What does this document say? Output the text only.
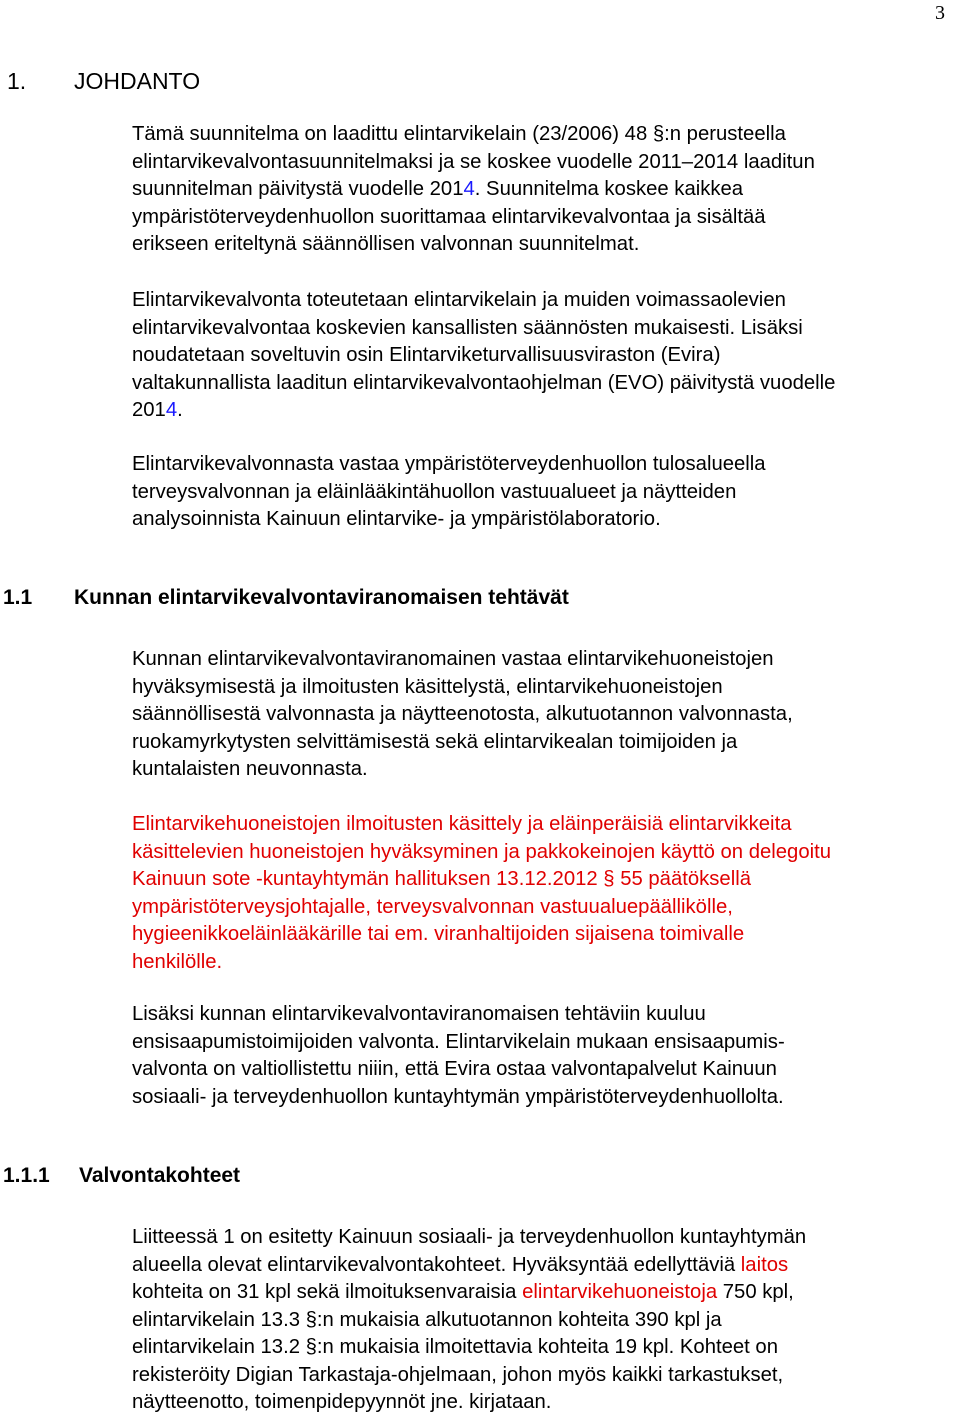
3
1. JOHDANTO
Tämä suunnitelma on laadittu elintarvikelain (23/2006) 48 §:n perusteella
elintarvikevalvontasuunnitelmaksi ja se koskee vuodelle 2011–2014 laaditun
suunnitelman päivitystä vuodelle 2014. Suunnitelma koskee kaikkea
ympäristöterveydenhuollon suorittamaa elintarvikevalvontaa ja sisältää
erikseen eriteltynä säännöllisen valvonnan suunnitelmat.
Elintarvikevalvonta toteutetaan elintarvikelain ja muiden voimassaolevien
elintarvikevalvontaa koskevien kansallisten säännösten mukaisesti. Lisäksi
noudatetaan soveltuvin osin Elintarviketurvallisuusviraston (Evira)
valtakunnallista laaditun elintarvikevalvontaohjelman (EVO) päivitystä vuodelle
2014.
Elintarvikevalvonnasta vastaa ympäristöterveydenhuollon tulosalueella
terveysvalvonnan ja eläinlääkintähuollon vastuualueet ja näytteiden
analysoinnista Kainuun elintarvike- ja ympäristölaboratorio.
1.1 Kunnan elintarvikevalvontaviranomaisen tehtävät
Kunnan elintarvikevalvontaviranomainen vastaa elintarvikehuoneistojen
hyväksymisestä ja ilmoitusten käsittelystä, elintarvikehuoneistojen
säännöllisestä valvonnasta ja näytteenotosta, alkutuotannon valvonnasta,
ruokamyrkytysten selvittämisestä sekä elintarvikealan toimijoiden ja
kuntalaisten neuvonnasta.
Elintarvikehuoneistojen ilmoitusten käsittely ja eläinperäisiä elintarvikkeita
käsittelevien huoneistojen hyväksyminen ja pakkokeinojen käyttö on delegoitu
Kainuun sote -kuntayhtymän hallituksen 13.12.2012 § 55 päätöksellä
ympäristöterveysjohtajalle, terveysvalvonnan vastuualuepäällikölle,
hygieenikkoeläinlääkärille tai em. viranhaltijoiden sijaisena toimivalle
henkilölle.
Lisäksi kunnan elintarvikevalvontaviranomaisen tehtäviin kuuluu
ensisaapumistoimijoiden valvonta. Elintarvikelain mukaan ensisaapumis-
valvonta on valtiollistettu niiin, että Evira ostaa valvontapalvelut Kainuun
sosiaali- ja terveydenhuollon kuntayhtymän ympäristöterveydenhuolloltа.
1.1.1 Valvontakohteet
Liitteessä 1 on esitetty Kainuun sosiaali- ja terveydenhuollon kuntayhtymän
alueella olevat elintarvikevalvontakohteet. Hyväksyntää edellyttäviä laitos
kohteita on 31 kpl sekä ilmoituksenvaraisia elintarvikehuoneistoja 750 kpl,
elintarvikelain 13.3 §:n mukaisia alkutuotannon kohteita 390 kpl ja
elintarvikelain 13.2 §:n mukaisia ilmoitettavia kohteita 19 kpl. Kohteet on
rekisteröity Digian Tarkastaja-ohjelmaan, johon myös kaikki tarkastukset,
näytteenotto, toimenpidepyynnöt jne. kirjataan.
